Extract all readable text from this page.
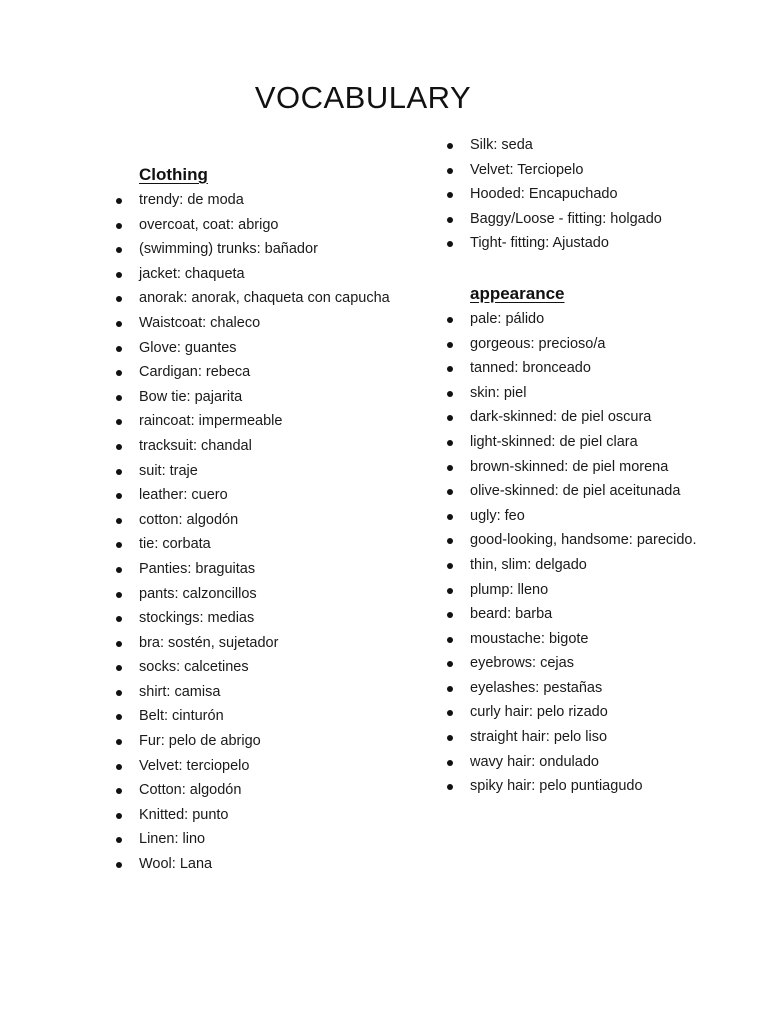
VOCABULARY
Clothing
trendy: de moda
overcoat, coat: abrigo
(swimming) trunks: bañador
jacket: chaqueta
anorak: anorak, chaqueta con capucha
Waistcoat: chaleco
Glove: guantes
Cardigan: rebeca
Bow tie: pajarita
raincoat: impermeable
tracksuit: chandal
suit: traje
leather: cuero
cotton: algodón
tie: corbata
Panties: braguitas
pants: calzoncillos
stockings: medias
bra: sostén, sujetador
socks: calcetines
shirt: camisa
Belt: cinturón
Fur: pelo de abrigo
Velvet: terciopelo
Cotton: algodón
Knitted: punto
Linen: lino
Wool: Lana
Silk: seda
Velvet: Terciopelo
Hooded: Encapuchado
Baggy/Loose - fitting: holgado
Tight- fitting: Ajustado
appearance
pale: pálido
gorgeous: precioso/a
tanned: bronceado
skin: piel
dark-skinned: de piel oscura
light-skinned: de piel clara
brown-skinned: de piel morena
olive-skinned: de piel aceitunada
ugly: feo
good-looking, handsome: parecido.
thin, slim: delgado
plump: lleno
beard: barba
moustache: bigote
eyebrows: cejas
eyelashes: pestañas
curly hair: pelo rizado
straight hair: pelo liso
wavy hair: ondulado
spiky hair: pelo puntiagudo
